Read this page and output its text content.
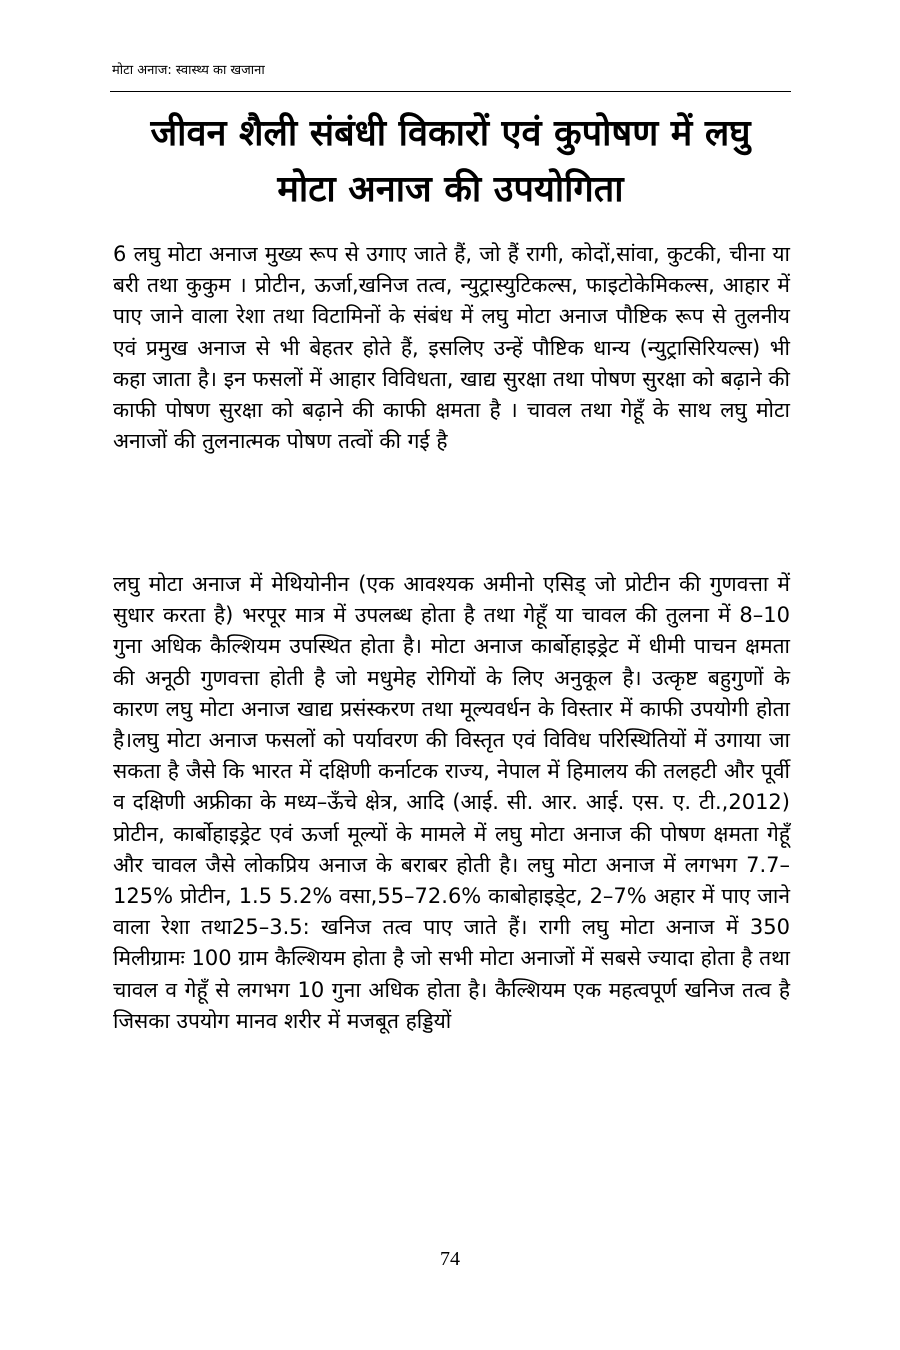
मोटा अनाज: स्वास्थ्य का खजाना
जीवन शैली संबंधी विकारों एवं कुपोषण में लघु
मोटा अनाज की उपयोगिता

6 लघु मोटा अनाज मुख्य रूप से उगाए जाते हैं, जो हैं रागी, कोदों,सांवा, कुटकी, चीना या बरी तथा कुकुम । प्रोटीन, ऊर्जा,खनिज तत्व, न्युट्रास्युटिकल्स, फाइटोकेमिकल्स, आहार में पाए जाने वाला रेशा तथा विटामिनों के संबंध में लघु मोटा अनाज पौष्टिक रूप से तुलनीय एवं प्रमुख अनाज से भी बेहतर होते हैं, इसलिए उन्हें पौष्टिक धान्य (न्युट्रासिरियल्स) भी कहा जाता है। इन फसलों में आहार विविधता, खाद्य सुरक्षा तथा पोषण सुरक्षा को बढ़ाने की काफी पोषण सुरक्षा को बढ़ाने की काफी क्षमता है । चावल तथा गेहूँ के साथ लघु मोटा अनाजों की तुलनात्मक पोषण तत्वों की गई है

लघु मोटा अनाज में मेथियोनीन (एक आवश्यक अमीनो एसिड् जो प्रोटीन की गुणवत्ता में सुधार करता है) भरपूर मात्र में उपलब्ध होता है तथा गेहूँ या चावल की तुलना में 8–10 गुना अधिक कैल्शियम उपस्थित होता है। मोटा अनाज कार्बोहाइड्रेट में धीमी पाचन क्षमता की अनूठी गुणवत्ता होती है जो मधुमेह रोगियों के लिए अनुकूल है। उत्कृष्ट बहुगुणों के कारण लघु मोटा अनाज खाद्य प्रसंस्करण तथा मूल्यवर्धन के विस्तार में काफी उपयोगी होता है।लघु मोटा अनाज फसलों को पर्यावरण की विस्तृत एवं विविध परिस्थितियों में उगाया जा सकता है जैसे कि भारत में दक्षिणी कर्नाटक राज्य, नेपाल में हिमालय की तलहटी और पूर्वी व दक्षिणी अफ्रीका के मध्य–ऊँचे क्षेत्र, आदि (आई. सी. आर. आई. एस. ए. टी.,2012) प्रोटीन, कार्बोहाइड्रेट एवं ऊर्जा मूल्यों के मामले में लघु मोटा अनाज की पोषण क्षमता गेहूँ और चावल जैसे लोकप्रिय अनाज के बराबर होती है। लघु मोटा अनाज में लगभग 7.7–125% प्रोटीन, 1.5 5.2% वसा,55–72.6% काबोहाइडे्ट, 2–7% अहार में पाए जाने वाला रेशा तथा25–3.5: खनिज तत्व पाए जाते हैं। रागी लघु मोटा अनाज में 350 मिलीग्रामः 100 ग्राम कैल्शियम होता है जो सभी मोटा अनाजों में सबसे ज्यादा होता है तथा चावल व गेहूँ से लगभग 10 गुना अधिक होता है। कैल्शियम एक महत्वपूर्ण खनिज तत्व है जिसका उपयोग मानव शरीर में मजबूत हड्डियों

74
